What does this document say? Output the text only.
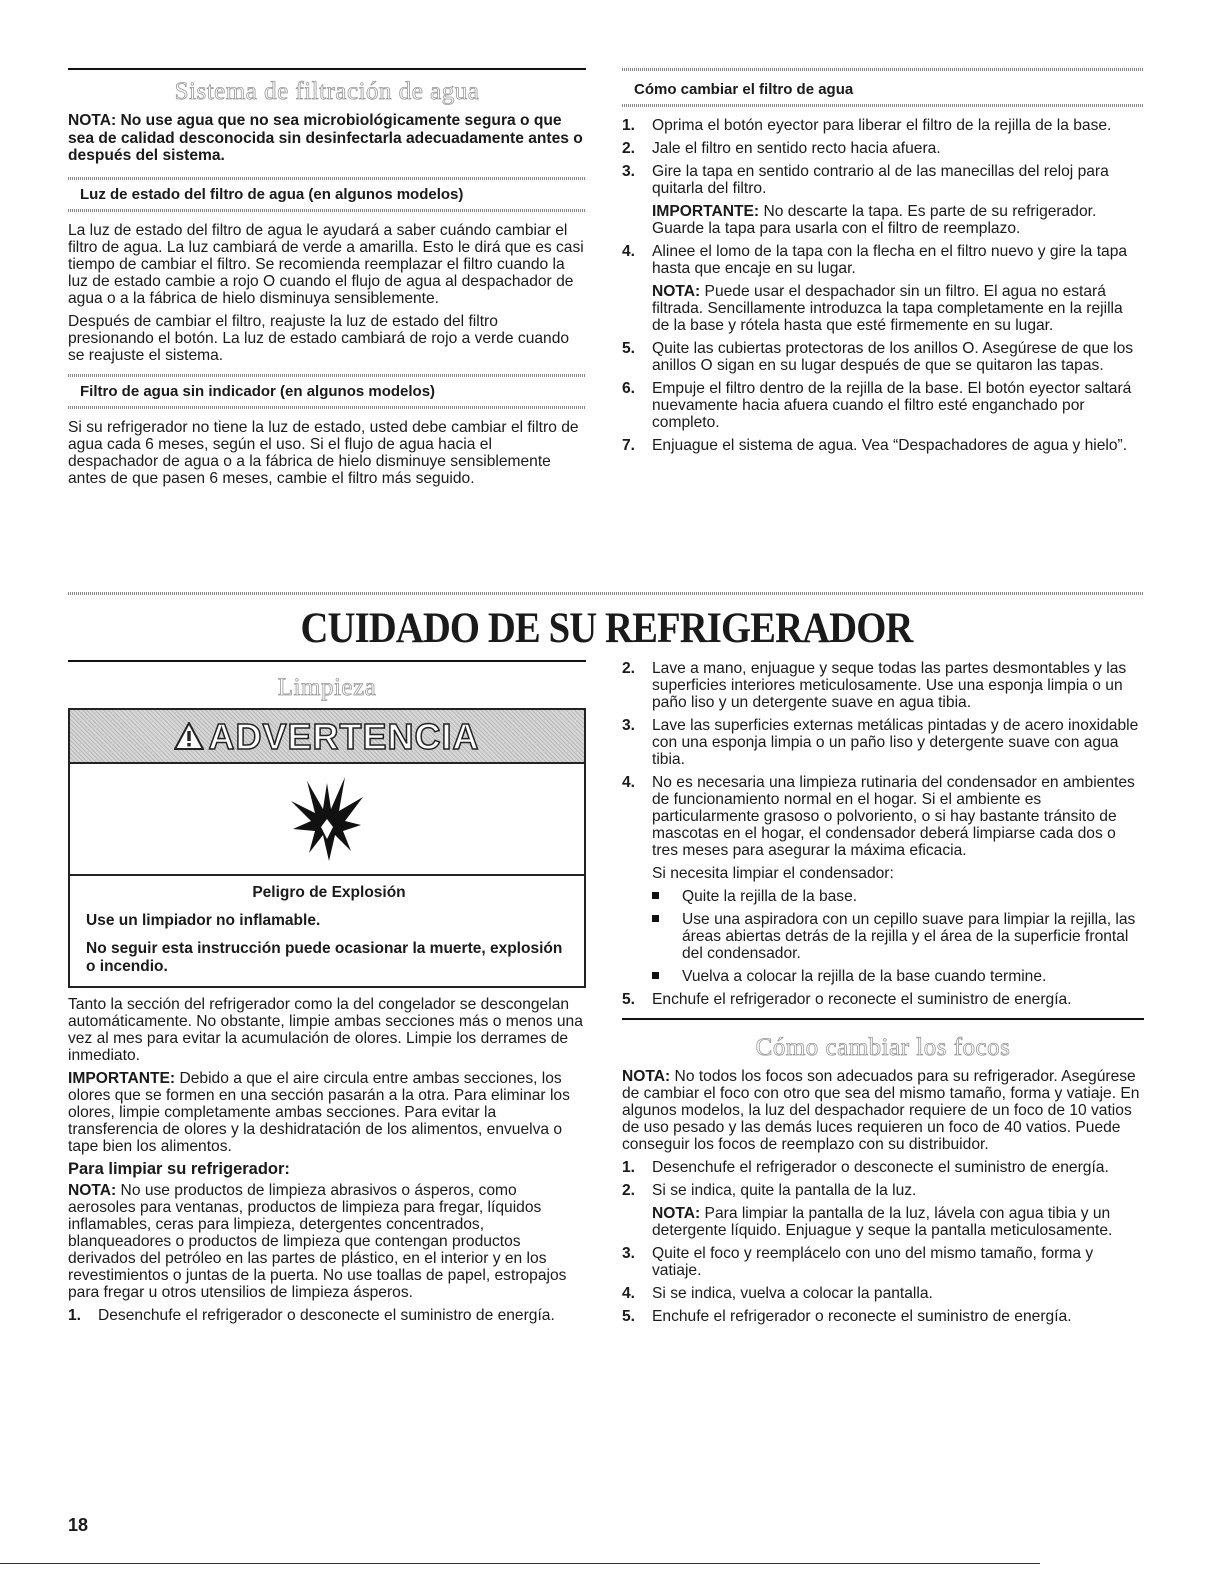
Sistema de filtración de agua
NOTA: No use agua que no sea microbiológicamente segura o que sea de calidad desconocida sin desinfectarla adecuadamente antes o después del sistema.
Luz de estado del filtro de agua (en algunos modelos)

La luz de estado del filtro de agua le ayudará a saber cuándo cambiar el filtro de agua. La luz cambiará de verde a amarilla. Esto le dirá que es casi tiempo de cambiar el filtro. Se recomienda reemplazar el filtro cuando la luz de estado cambie a rojo O cuando el flujo de agua al despachador de agua o a la fábrica de hielo disminuya sensiblemente.

Después de cambiar el filtro, reajuste la luz de estado del filtro presionando el botón. La luz de estado cambiará de rojo a verde cuando se reajuste el sistema.

Filtro de agua sin indicador (en algunos modelos)

Si su refrigerador no tiene la luz de estado, usted debe cambiar el filtro de agua cada 6 meses, según el uso. Si el flujo de agua hacia el despachador de agua o a la fábrica de hielo disminuye sensiblemente antes de que pasen 6 meses, cambie el filtro más seguido.

Cómo cambiar el filtro de agua
1. Oprima el botón eyector para liberar el filtro de la rejilla de la base.
2. Jale el filtro en sentido recto hacia afuera.
3. Gire la tapa en sentido contrario al de las manecillas del reloj para quitarla del filtro.
IMPORTANTE: No descarte la tapa. Es parte de su refrigerador. Guarde la tapa para usarla con el filtro de reemplazo.
4. Alinee el lomo de la tapa con la flecha en el filtro nuevo y gire la tapa hasta que encaje en su lugar.
NOTA: Puede usar el despachador sin un filtro. El agua no estará filtrada. Sencillamente introduzca la tapa completamente en la rejilla de la base y rótela hasta que esté firmemente en su lugar.
5. Quite las cubiertas protectoras de los anillos O. Asegúrese de que los anillos O sigan en su lugar después de que se quitaron las tapas.
6. Empuje el filtro dentro de la rejilla de la base. El botón eyector saltará nuevamente hacia afuera cuando el filtro esté enganchado por completo.
7. Enjuague el sistema de agua. Vea “Despachadores de agua y hielo”.
CUIDADO DE SU REFRIGERADOR
Limpieza
ADVERTENCIA
Peligro de Explosión
Use un limpiador no inflamable.
No seguir esta instrucción puede ocasionar la muerte, explosión o incendio.

Tanto la sección del refrigerador como la del congelador se descongelan automáticamente. No obstante, limpie ambas secciones más o menos una vez al mes para evitar la acumulación de olores. Limpie los derrames de inmediato.

IMPORTANTE: Debido a que el aire circula entre ambas secciones, los olores que se formen en una sección pasarán a la otra. Para eliminar los olores, limpie completamente ambas secciones. Para evitar la transferencia de olores y la deshidratación de los alimentos, envuelva o tape bien los alimentos.

Para limpiar su refrigerador:

NOTA: No use productos de limpieza abrasivos o ásperos, como aerosoles para ventanas, productos de limpieza para fregar, líquidos inflamables, ceras para limpieza, detergentes concentrados, blanqueadores o productos de limpieza que contengan productos derivados del petróleo en las partes de plástico, en el interior y en los revestimientos o juntas de la puerta. No use toallas de papel, estropajos para fregar u otros utensilios de limpieza ásperos.

1. Desenchufe el refrigerador o desconecte el suministro de energía.
2. Lave a mano, enjuague y seque todas las partes desmontables y las superficies interiores meticulosamente. Use una esponja limpia o un paño liso y un detergente suave en agua tibia.
3. Lave las superficies externas metálicas pintadas y de acero inoxidable con una esponja limpia o un paño liso y detergente suave con agua tibia.
4. No es necesaria una limpieza rutinaria del condensador en ambientes de funcionamiento normal en el hogar. Si el ambiente es particularmente grasoso o polvoriento, o si hay bastante tránsito de mascotas en el hogar, el condensador deberá limpiarse cada dos o tres meses para asegurar la máxima eficacia.
Si necesita limpiar el condensador:
Quite la rejilla de la base.
Use una aspiradora con un cepillo suave para limpiar la rejilla, las áreas abiertas detrás de la rejilla y el área de la superficie frontal del condensador.
Vuelva a colocar la rejilla de la base cuando termine.
5. Enchufe el refrigerador o reconecte el suministro de energía.
Cómo cambiar los focos

NOTA: No todos los focos son adecuados para su refrigerador. Asegúrese de cambiar el foco con otro que sea del mismo tamaño, forma y vatiaje. En algunos modelos, la luz del despachador requiere de un foco de 10 vatios de uso pesado y las demás luces requieren un foco de 40 vatios. Puede conseguir los focos de reemplazo con su distribuidor.

1. Desenchufe el refrigerador o desconecte el suministro de energía.
2. Si se indica, quite la pantalla de la luz.
NOTA: Para limpiar la pantalla de la luz, lávela con agua tibia y un detergente líquido. Enjuague y seque la pantalla meticulosamente.
3. Quite el foco y reemplácelo con uno del mismo tamaño, forma y vatiaje.
4. Si se indica, vuelva a colocar la pantalla.
5. Enchufe el refrigerador o reconecte el suministro de energía.
18
